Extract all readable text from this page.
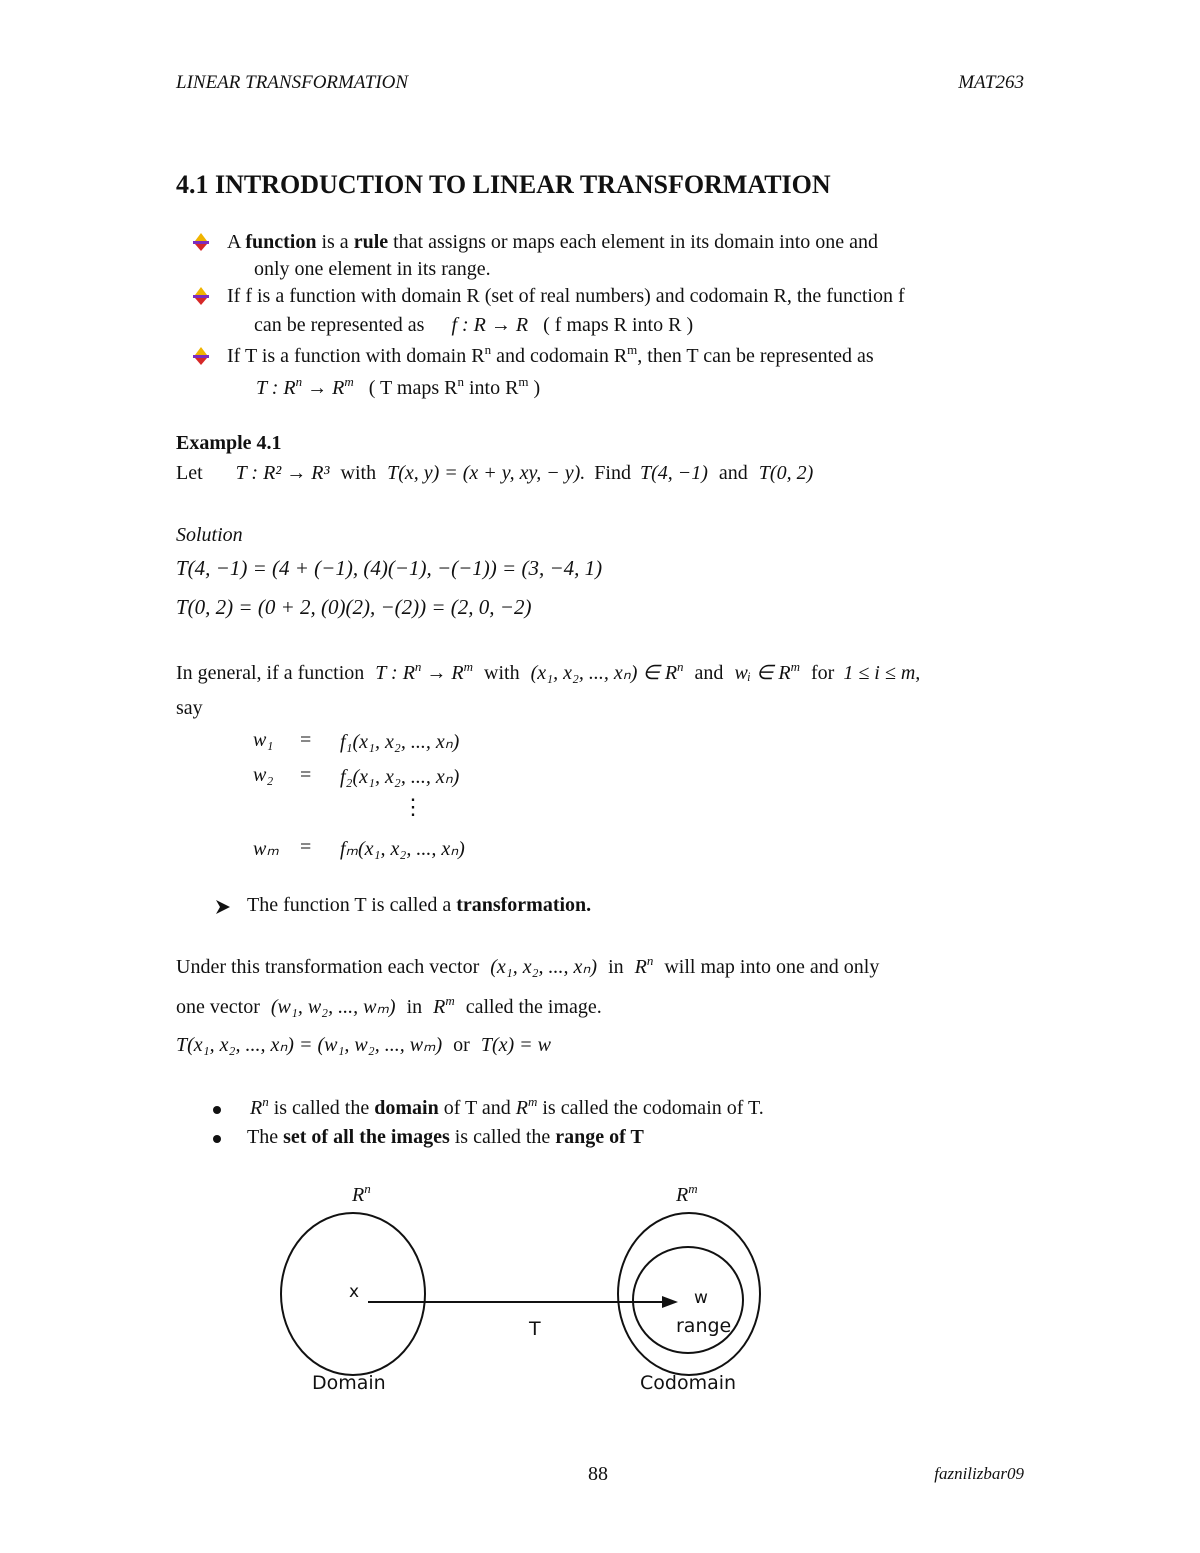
LINEAR TRANSFORMATION	MAT263
4.1 INTRODUCTION TO LINEAR TRANSFORMATION
A function is a rule that assigns or maps each element in its domain into one and
only one element in its range.
If f is a function with domain R (set of real numbers) and codomain R, the function f
can be represented as f : R → R ( f maps R into R )
If T is a function with domain $R^n$ and codomain $R^m$, then T can be represented as
T : $R^n \to R^m$ ( T maps $R^n$ into $R^m$ )
Example 4.1
Let T : R² → R³ with T(x, y) = (x + y, xy, − y). Find T(4, −1) and T(0, 2)
Solution
T(4, −1) = (4 + (−1), (4)(−1), −(−1)) = (3, −4, 1)
T(0, 2) = (0 + 2, (0)(2), −(2)) = (2, 0, −2)
In general, if a function T : $R^n \to R^m$ with (x₁, x₂, ..., xₙ) ∈ $R^n$ and wᵢ ∈ $R^m$ for 1 ≤ i ≤ m,
say
w₁ = f₁(x₁, x₂, ..., xₙ)
w₂ = f₂(x₁, x₂, ..., xₙ)
⋮
wₘ = fₘ(x₁, x₂, ..., xₙ)
The function T is called a transformation.
Under this transformation each vector (x₁, x₂, ..., xₙ) in $R^n$ will map into one and only
one vector (w₁, w₂, ..., wₘ) in $R^m$ called the image.
T(x₁, x₂, ..., xₙ) = (w₁, w₂, ..., wₘ) or T(x) = w
$R^n$ is called the domain of T and $R^m$ is called the codomain of T.
The set of all the images is called the range of T
$R^n$	$R^m$
x	w
T	range
Domain	Codomain
88	faznilizbar09
